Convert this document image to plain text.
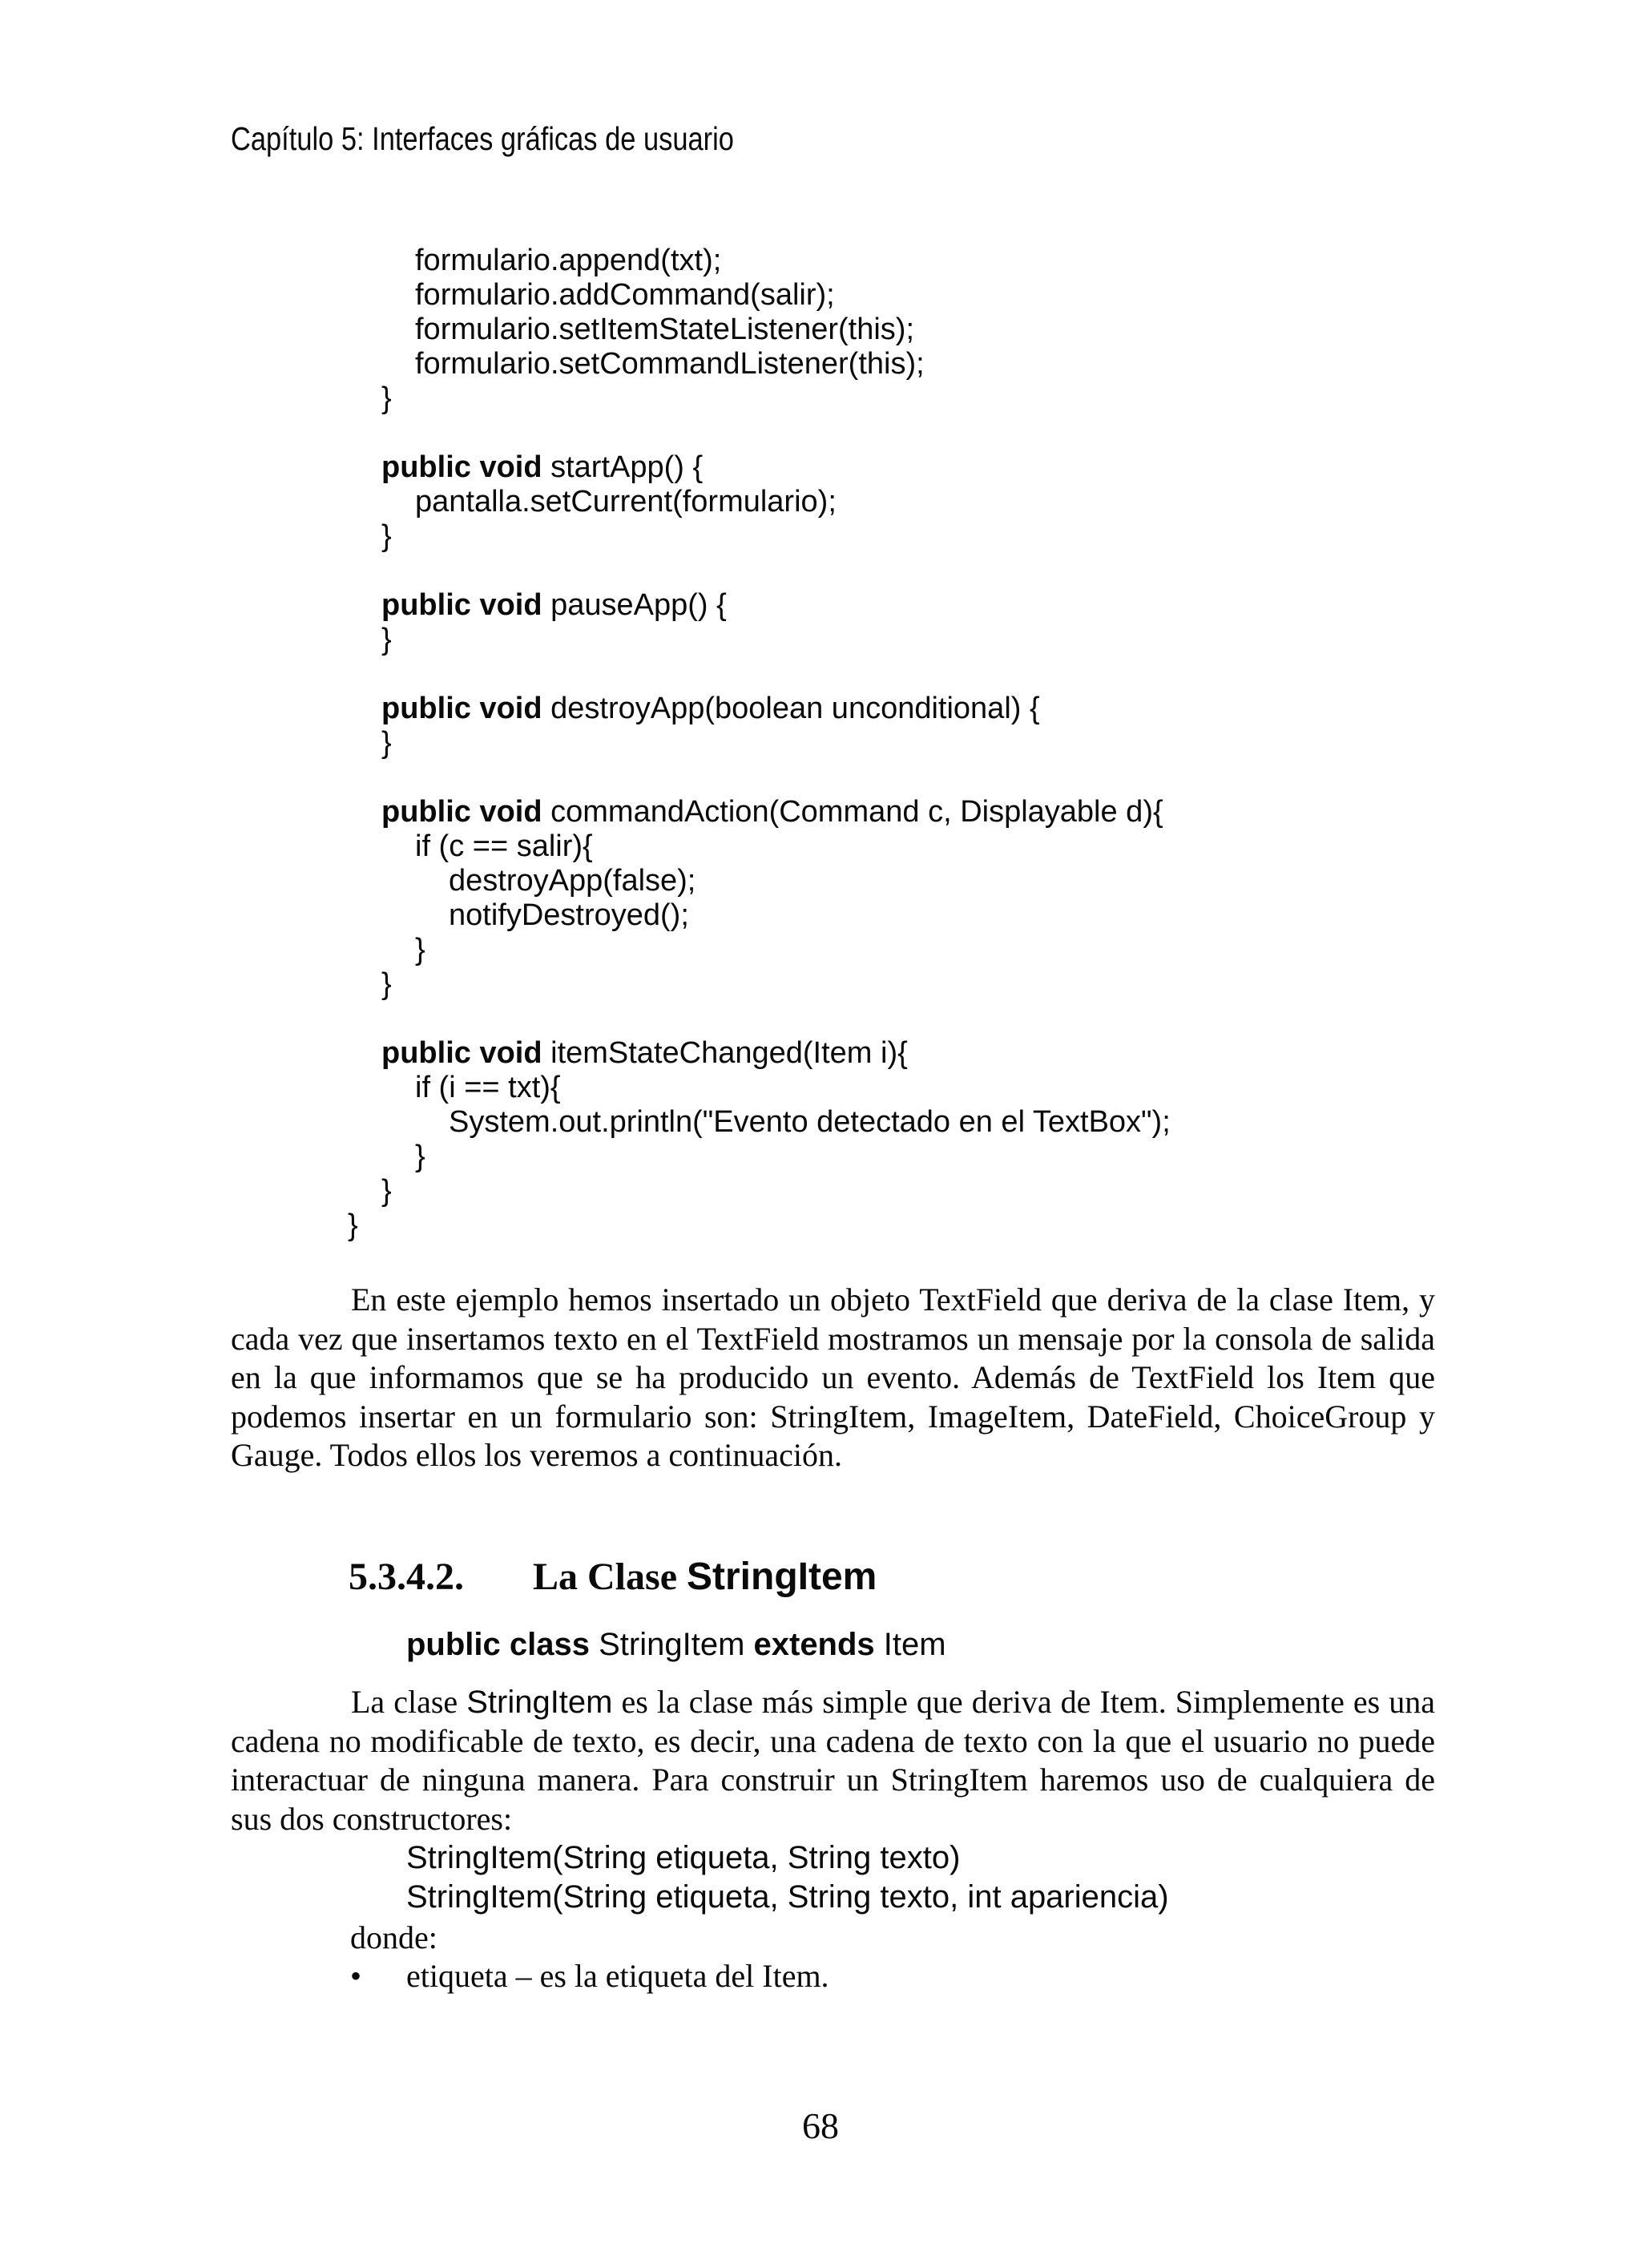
Capítulo 5: Interfaces gráficas de usuario
formulario.append(txt);
formulario.addCommand(salir);
formulario.setItemStateListener(this);
formulario.setCommandListener(this);
}
public void startApp() {
pantalla.setCurrent(formulario);
}
public void pauseApp() {
}
public void destroyApp(boolean unconditional) {
}
public void commandAction(Command c, Displayable d){
if (c == salir){
destroyApp(false);
notifyDestroyed();
}
}
public void itemStateChanged(Item i){
if (i == txt){
System.out.println("Evento detectado en el TextBox");
}
}
}

En este ejemplo hemos insertado un objeto TextField que deriva de la clase Item, y cada vez que insertamos texto en el TextField mostramos un mensaje por la consola de salida en la que informamos que se ha producido un evento. Además de TextField los Item que podemos insertar en un formulario son: StringItem, ImageItem, DateField, ChoiceGroup y Gauge. Todos ellos los veremos a continuación.

5.3.4.2. La Clase StringItem
public class StringItem extends Item

La clase StringItem es la clase más simple que deriva de Item. Simplemente es una cadena no modificable de texto, es decir, una cadena de texto con la que el usuario no puede interactuar de ninguna manera. Para construir un StringItem haremos uso de cualquiera de sus dos constructores:

StringItem(String etiqueta, String texto)
StringItem(String etiqueta, String texto, int apariencia)
donde:
• etiqueta – es la etiqueta del Item.
68
